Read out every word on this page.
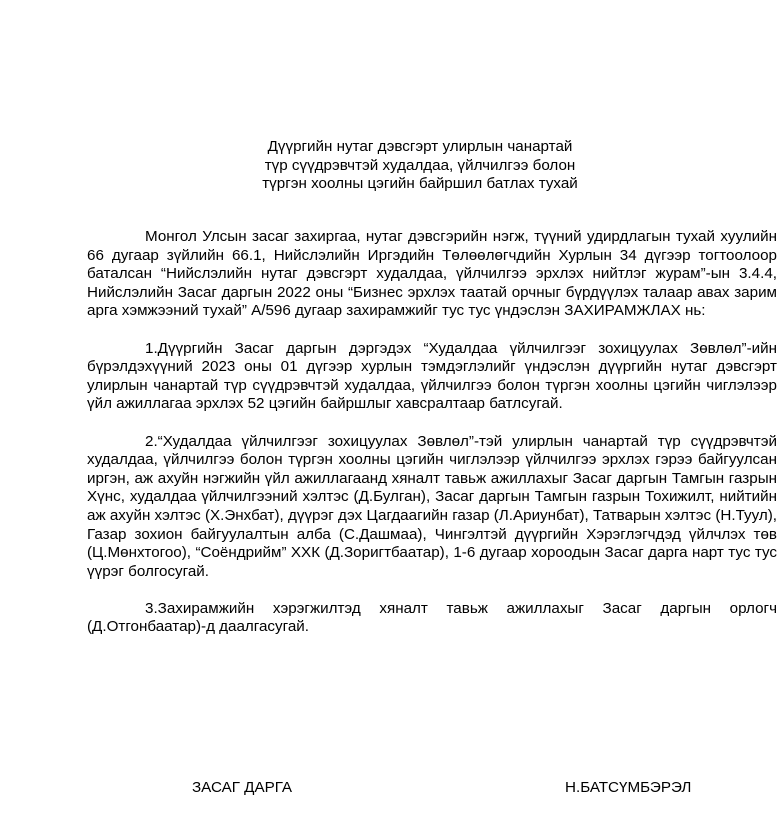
Дүүргийн нутаг дэвсгэрт улирлын чанартай
түр сүүдрэвчтэй худалдаа, үйлчилгээ болон
түргэн хоолны цэгийн байршил батлах тухай

Монгол Улсын засаг захиргаа, нутаг дэвсгэрийн нэгж, түүний удирдлагын тухай хуулийн 66 дугаар зүйлийн 66.1, Нийслэлийн Иргэдийн Төлөөлөгчдийн Хурлын 34 дүгээр тогтоолоор баталсан “Нийслэлийн нутаг дэвсгэрт худалдаа, үйлчилгээ эрхлэх нийтлэг журам”-ын 3.4.4, Нийслэлийн Засаг даргын 2022 оны “Бизнес эрхлэх таатай орчныг бүрдүүлэх талаар авах зарим арга хэмжээний тухай” А/596 дугаар захирамжийг тус тус үндэслэн ЗАХИРАМЖЛАХ нь:

1.Дүүргийн Засаг даргын дэргэдэх “Худалдаа үйлчилгээг зохицуулах Зөвлөл”-ийн бүрэлдэхүүний 2023 оны 01 дүгээр хурлын тэмдэглэлийг үндэслэн дүүргийн нутаг дэвсгэрт улирлын чанартай түр сүүдрэвчтэй худалдаа, үйлчилгээ болон түргэн хоолны цэгийн чиглэлээр үйл ажиллагаа эрхлэх 52 цэгийн байршлыг хавсралтаар батлсугай.

2.“Худалдаа үйлчилгээг зохицуулах Зөвлөл”-тэй улирлын чанартай түр сүүдрэвчтэй худалдаа, үйлчилгээ болон түргэн хоолны цэгийн чиглэлээр үйлчилгээ эрхлэх гэрээ байгуулсан иргэн, аж ахуйн нэгжийн үйл ажиллагаанд хяналт тавьж ажиллахыг Засаг даргын Тамгын газрын Хүнс, худалдаа үйлчилгээний хэлтэс (Д.Булган), Засаг даргын Тамгын газрын Тохижилт, нийтийн аж ахуйн хэлтэс (Х.Энхбат), дүүрэг дэх Цагдаагийн газар (Л.Ариунбат), Татварын хэлтэс (Н.Туул), Газар зохион байгуулалтын алба (С.Дашмаа), Чингэлтэй дүүргийн Хэрэглэгчдэд үйлчлэх төв (Ц.Мөнхтогоо), “Соёндрийм” ХХК (Д.Зоригтбаатар), 1-6 дугаар хороодын Засаг дарга нарт тус тус үүрэг болгосугай.

3.Захирамжийн хэрэгжилтэд хяналт тавьж ажиллахыг Засаг даргын орлогч (Д.Отгонбаатар)-д даалгасугай.

ЗАСАГ ДАРГА	Н.БАТСҮМБЭРЭЛ
